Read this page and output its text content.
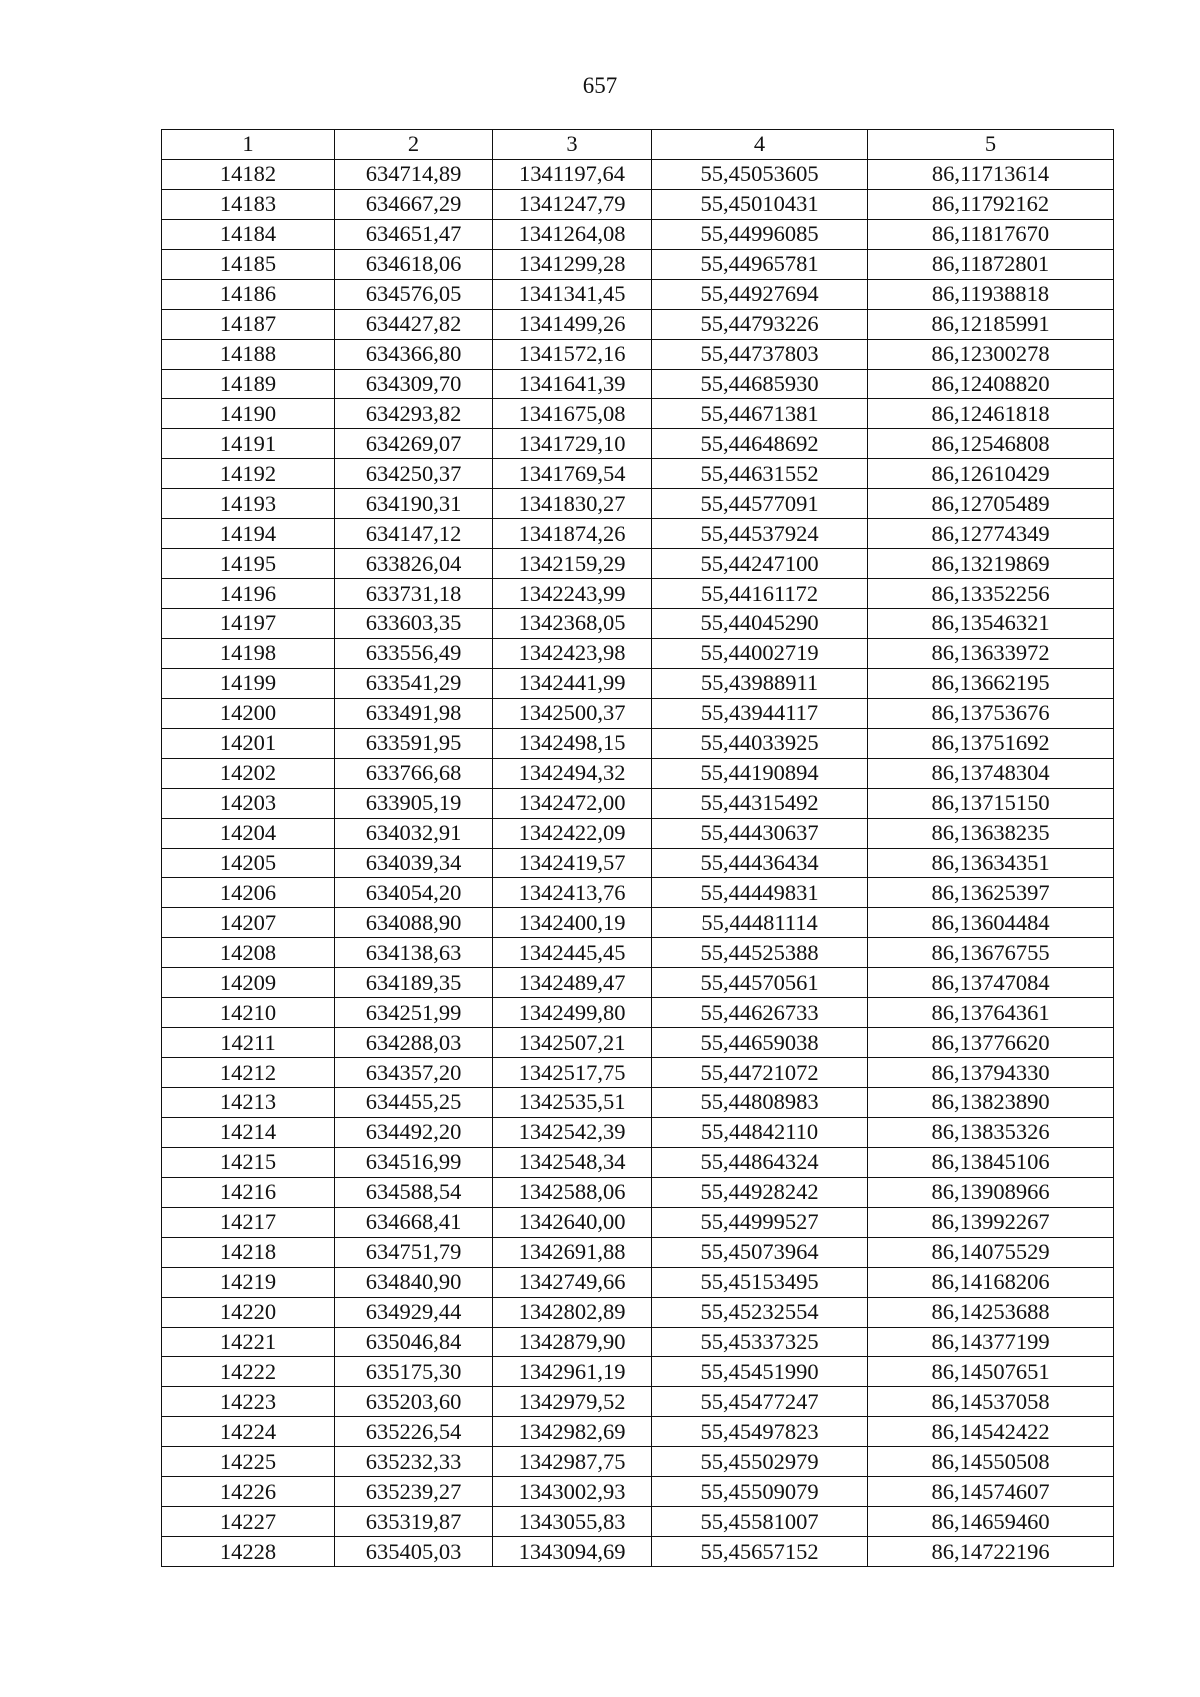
657
1	2	3	4	5
14182	634714,89	1341197,64	55,45053605	86,11713614
14183	634667,29	1341247,79	55,45010431	86,11792162
14184	634651,47	1341264,08	55,44996085	86,11817670
14185	634618,06	1341299,28	55,44965781	86,11872801
14186	634576,05	1341341,45	55,44927694	86,11938818
14187	634427,82	1341499,26	55,44793226	86,12185991
14188	634366,80	1341572,16	55,44737803	86,12300278
14189	634309,70	1341641,39	55,44685930	86,12408820
14190	634293,82	1341675,08	55,44671381	86,12461818
14191	634269,07	1341729,10	55,44648692	86,12546808
14192	634250,37	1341769,54	55,44631552	86,12610429
14193	634190,31	1341830,27	55,44577091	86,12705489
14194	634147,12	1341874,26	55,44537924	86,12774349
14195	633826,04	1342159,29	55,44247100	86,13219869
14196	633731,18	1342243,99	55,44161172	86,13352256
14197	633603,35	1342368,05	55,44045290	86,13546321
14198	633556,49	1342423,98	55,44002719	86,13633972
14199	633541,29	1342441,99	55,43988911	86,13662195
14200	633491,98	1342500,37	55,43944117	86,13753676
14201	633591,95	1342498,15	55,44033925	86,13751692
14202	633766,68	1342494,32	55,44190894	86,13748304
14203	633905,19	1342472,00	55,44315492	86,13715150
14204	634032,91	1342422,09	55,44430637	86,13638235
14205	634039,34	1342419,57	55,44436434	86,13634351
14206	634054,20	1342413,76	55,44449831	86,13625397
14207	634088,90	1342400,19	55,44481114	86,13604484
14208	634138,63	1342445,45	55,44525388	86,13676755
14209	634189,35	1342489,47	55,44570561	86,13747084
14210	634251,99	1342499,80	55,44626733	86,13764361
14211	634288,03	1342507,21	55,44659038	86,13776620
14212	634357,20	1342517,75	55,44721072	86,13794330
14213	634455,25	1342535,51	55,44808983	86,13823890
14214	634492,20	1342542,39	55,44842110	86,13835326
14215	634516,99	1342548,34	55,44864324	86,13845106
14216	634588,54	1342588,06	55,44928242	86,13908966
14217	634668,41	1342640,00	55,44999527	86,13992267
14218	634751,79	1342691,88	55,45073964	86,14075529
14219	634840,90	1342749,66	55,45153495	86,14168206
14220	634929,44	1342802,89	55,45232554	86,14253688
14221	635046,84	1342879,90	55,45337325	86,14377199
14222	635175,30	1342961,19	55,45451990	86,14507651
14223	635203,60	1342979,52	55,45477247	86,14537058
14224	635226,54	1342982,69	55,45497823	86,14542422
14225	635232,33	1342987,75	55,45502979	86,14550508
14226	635239,27	1343002,93	55,45509079	86,14574607
14227	635319,87	1343055,83	55,45581007	86,14659460
14228	635405,03	1343094,69	55,45657152	86,14722196
